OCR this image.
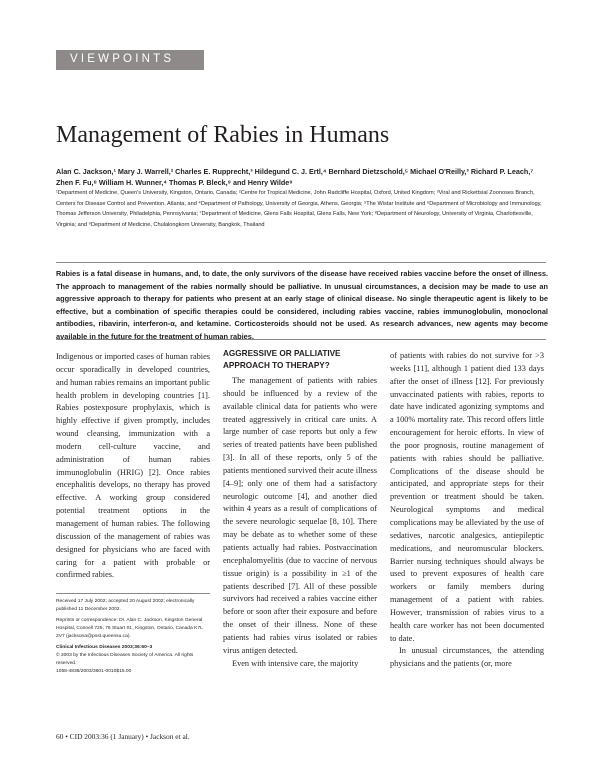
VIEWPOINTS
Management of Rabies in Humans
Alan C. Jackson,¹ Mary J. Warrell,² Charles E. Rupprecht,³ Hildegund C. J. Ertl,⁴ Bernhard Dietzschold,⁵ Michael O'Reilly,³ Richard P. Leach,⁷ Zhen F. Fu,⁸ William H. Wunner,⁴ Thomas P. Bleck,⁹ and Henry Wilde⁹
¹Department of Medicine, Queen's University, Kingston, Ontario, Canada; ²Centre for Tropical Medicine, John Radcliffe Hospital, Oxford, United Kingdom; ³Viral and Rickettsial Zoonoses Branch, Centers for Disease Control and Prevention, Atlanta, and ⁴Department of Pathology, University of Georgia, Athens, Georgia; ⁵The Wistar Institute and ⁶Department of Microbiology and Immunology, Thomas Jefferson University, Philadelphia, Pennsylvania; ⁷Department of Medicine, Glens Falls Hospital, Glens Falls, New York; ⁸Department of Neurology, University of Virginia, Charlottesville, Virginia; and ⁹Department of Medicine, Chulalongkorn University, Bangkok, Thailand
Rabies is a fatal disease in humans, and, to date, the only survivors of the disease have received rabies vaccine before the onset of illness. The approach to management of the rabies normally should be palliative. In unusual circumstances, a decision may be made to use an aggressive approach to therapy for patients who present at an early stage of clinical disease. No single therapeutic agent is likely to be effective, but a combination of specific therapies could be considered, including rabies vaccine, rabies immunoglobulin, monoclonal antibodies, ribavirin, interferon-α, and ketamine. Corticosteroids should not be used. As research advances, new agents may become available in the future for the treatment of human rabies.

Indigenous or imported cases of human rabies occur sporadically in developed countries, and human rabies remains an important public health problem in developing countries [1]. Rabies postexposure prophylaxis, which is highly effective if given promptly, includes wound cleansing, immunization with a modern cell-culture vaccine, and administration of human rabies immunoglobulin (HRIG) [2]. Once rabies encephalitis develops, no therapy has proved effective. A working group considered potential treatment options in the management of human rabies. The following discussion of the management of rabies was designed for physicians who are faced with caring for a patient with probable or confirmed rabies.

Received 17 July 2002; accepted 20 August 2002; electronically published 11 December 2002.

Reprints or correspondence: Dr. Alan C. Jackson, Kingston General Hospital, Connell 725, 76 Stuart St., Kingston, Ontario, Canada K7L 2V7 (jacksona@post.queensu.ca).

Clinical Infectious Diseases 2003;36:60–3

© 2003 by the Infectious Diseases Society of America. All rights reserved.

1058-4838/2003/3601-0010$15.00

AGGRESSIVE OR PALLIATIVE APPROACH TO THERAPY?

The management of patients with rabies should be influenced by a review of the available clinical data for patients who were treated aggressively in critical care units. A large number of case reports but only a few series of treated patients have been published [3]. In all of these reports, only 5 of the patients mentioned survived their acute illness [4–9]; only one of them had a satisfactory neurologic outcome [4], and another died within 4 years as a result of complications of the severe neurologic sequelae [8, 10]. There may be debate as to whether some of these patients actually had rabies. Postvaccination encephalomyelitis (due to vaccine of nervous tissue origin) is a possibility in ≥1 of the patients described [7]. All of these possible survivors had received a rabies vaccine either before or soon after their exposure and before the onset of their illness. None of these patients had rabies virus isolated or rabies virus antigen detected.

Even with intensive care, the majority

of patients with rabies do not survive for >3 weeks [11], although 1 patient died 133 days after the onset of illness [12]. For previously unvaccinated patients with rabies, reports to date have indicated agonizing symptoms and a 100% mortality rate. This record offers little encouragement for heroic efforts. In view of the poor prognosis, routine management of patients with rabies should be palliative. Complications of the disease should be anticipated, and appropriate steps for their prevention or treatment should be taken. Neurological symptoms and medical complications may be alleviated by the use of sedatives, narcotic analgesics, antiepileptic medications, and neuromuscular blockers. Barrier nursing techniques should always be used to prevent exposures of health care workers or family members during management of a patient with rabies. However, transmission of rabies virus to a health care worker has not been documented to date.

In unusual circumstances, the attending physicians and the patients (or, more

60 • CID 2003:36 (1 January) • Jackson et al.
